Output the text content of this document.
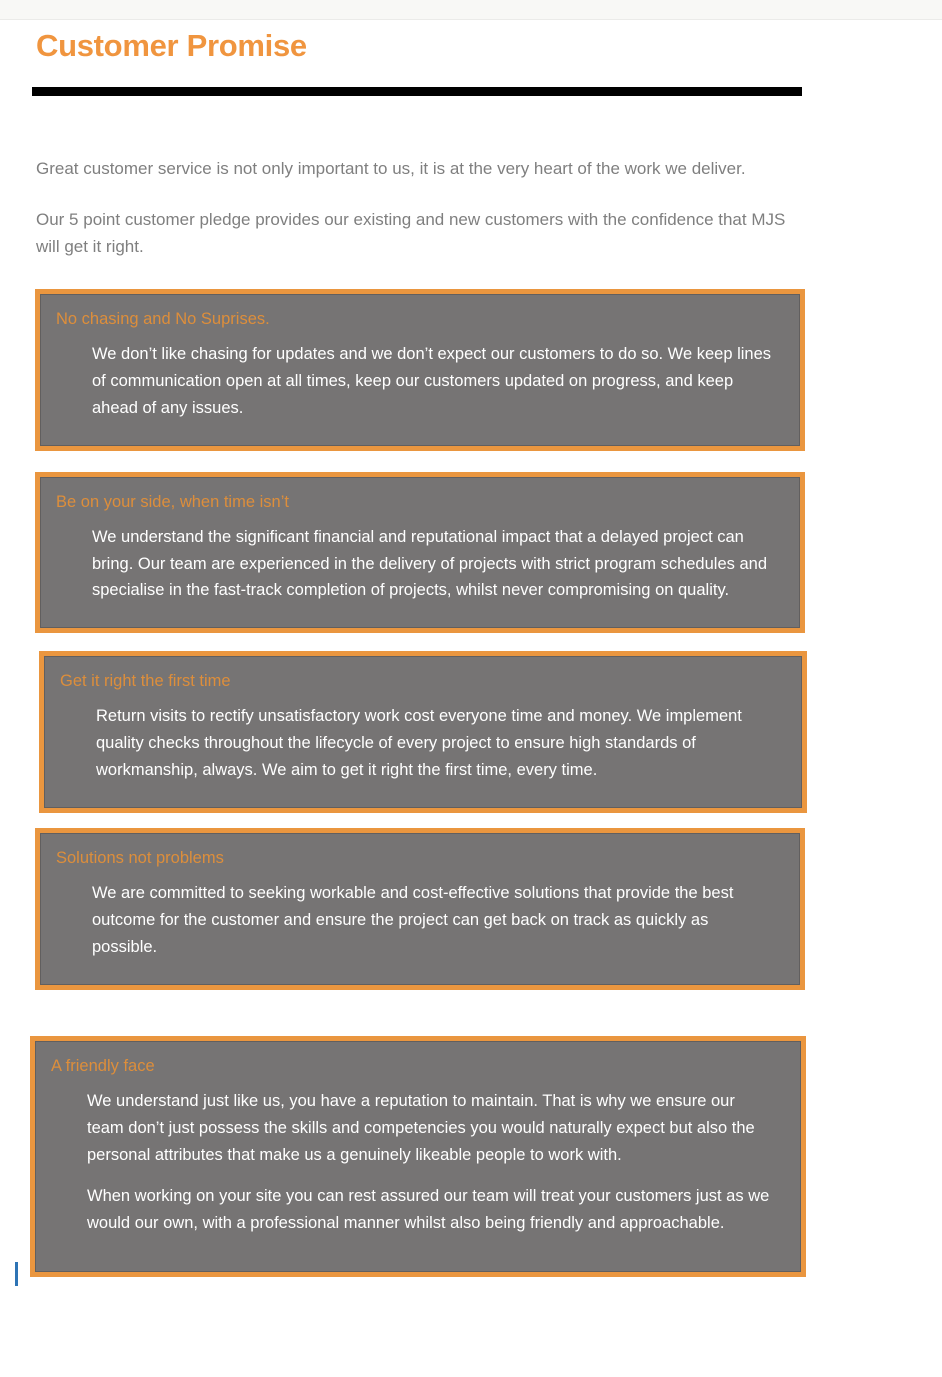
Customer Promise

Great customer service is not only important to us, it is at the very heart of the work we deliver.

Our 5 point customer pledge provides our existing and new customers with the confidence that MJS will get it right.

No chasing and No Suprises.

We don’t like chasing for updates and we don’t expect our customers to do so. We keep lines of communication open at all times, keep our customers updated on progress, and keep ahead of any issues.

Be on your side, when time isn’t

We understand the significant financial and reputational impact that a delayed project can bring. Our team are experienced in the delivery of projects with strict program schedules and specialise in the fast-track completion of projects, whilst never compromising on quality.

Get it right the first time

Return visits to rectify unsatisfactory work cost everyone time and money. We implement quality checks throughout the lifecycle of every project to ensure high standards of workmanship, always. We aim to get it right the first time, every time.

Solutions not problems

We are committed to seeking workable and cost-effective solutions that provide the best outcome for the customer and ensure the project can get back on track as quickly as possible.

A friendly face

We understand just like us, you have a reputation to maintain. That is why we ensure our team don’t just possess the skills and competencies you would naturally expect but also the personal attributes that make us a genuinely likeable people to work with.

When working on your site you can rest assured our team will treat your customers just as we would our own, with a professional manner whilst also being friendly and approachable.
